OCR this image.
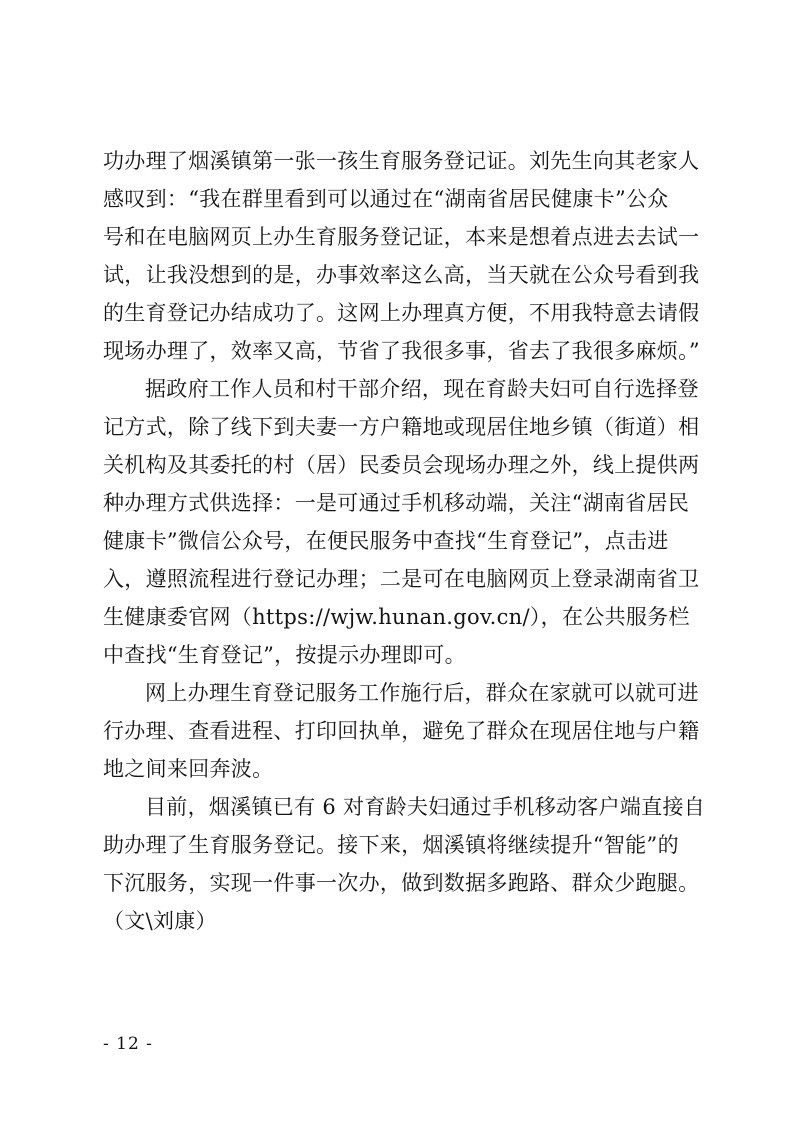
功办理了烟溪镇第一张一孩生育服务登记证。刘先生向其老家人
感叹到：“我在群里看到可以通过在“湖南省居民健康卡”公众
号和在电脑网页上办生育服务登记证，本来是想着点进去去试一
试，让我没想到的是，办事效率这么高，当天就在公众号看到我
的生育登记办结成功了。这网上办理真方便，不用我特意去请假
现场办理了，效率又高，节省了我很多事，省去了我很多麻烦。”
据政府工作人员和村干部介绍，现在育龄夫妇可自行选择登
记方式，除了线下到夫妻一方户籍地或现居住地乡镇（街道）相
关机构及其委托的村（居）民委员会现场办理之外，线上提供两
种办理方式供选择：一是可通过手机移动端，关注“湖南省居民
健康卡”微信公众号，在便民服务中查找“生育登记”，点击进
入，遵照流程进行登记办理；二是可在电脑网页上登录湖南省卫
生健康委官网（https://wjw.hunan.gov.cn/），在公共服务栏
中查找“生育登记”，按提示办理即可。
网上办理生育登记服务工作施行后，群众在家就可以就可进
行办理、查看进程、打印回执单，避免了群众在现居住地与户籍
地之间来回奔波。
目前，烟溪镇已有 6 对育龄夫妇通过手机移动客户端直接自
助办理了生育服务登记。接下来，烟溪镇将继续提升“智能”的
下沉服务，实现一件事一次办，做到数据多跑路、群众少跑腿。
（文\刘康）
- 12 -
